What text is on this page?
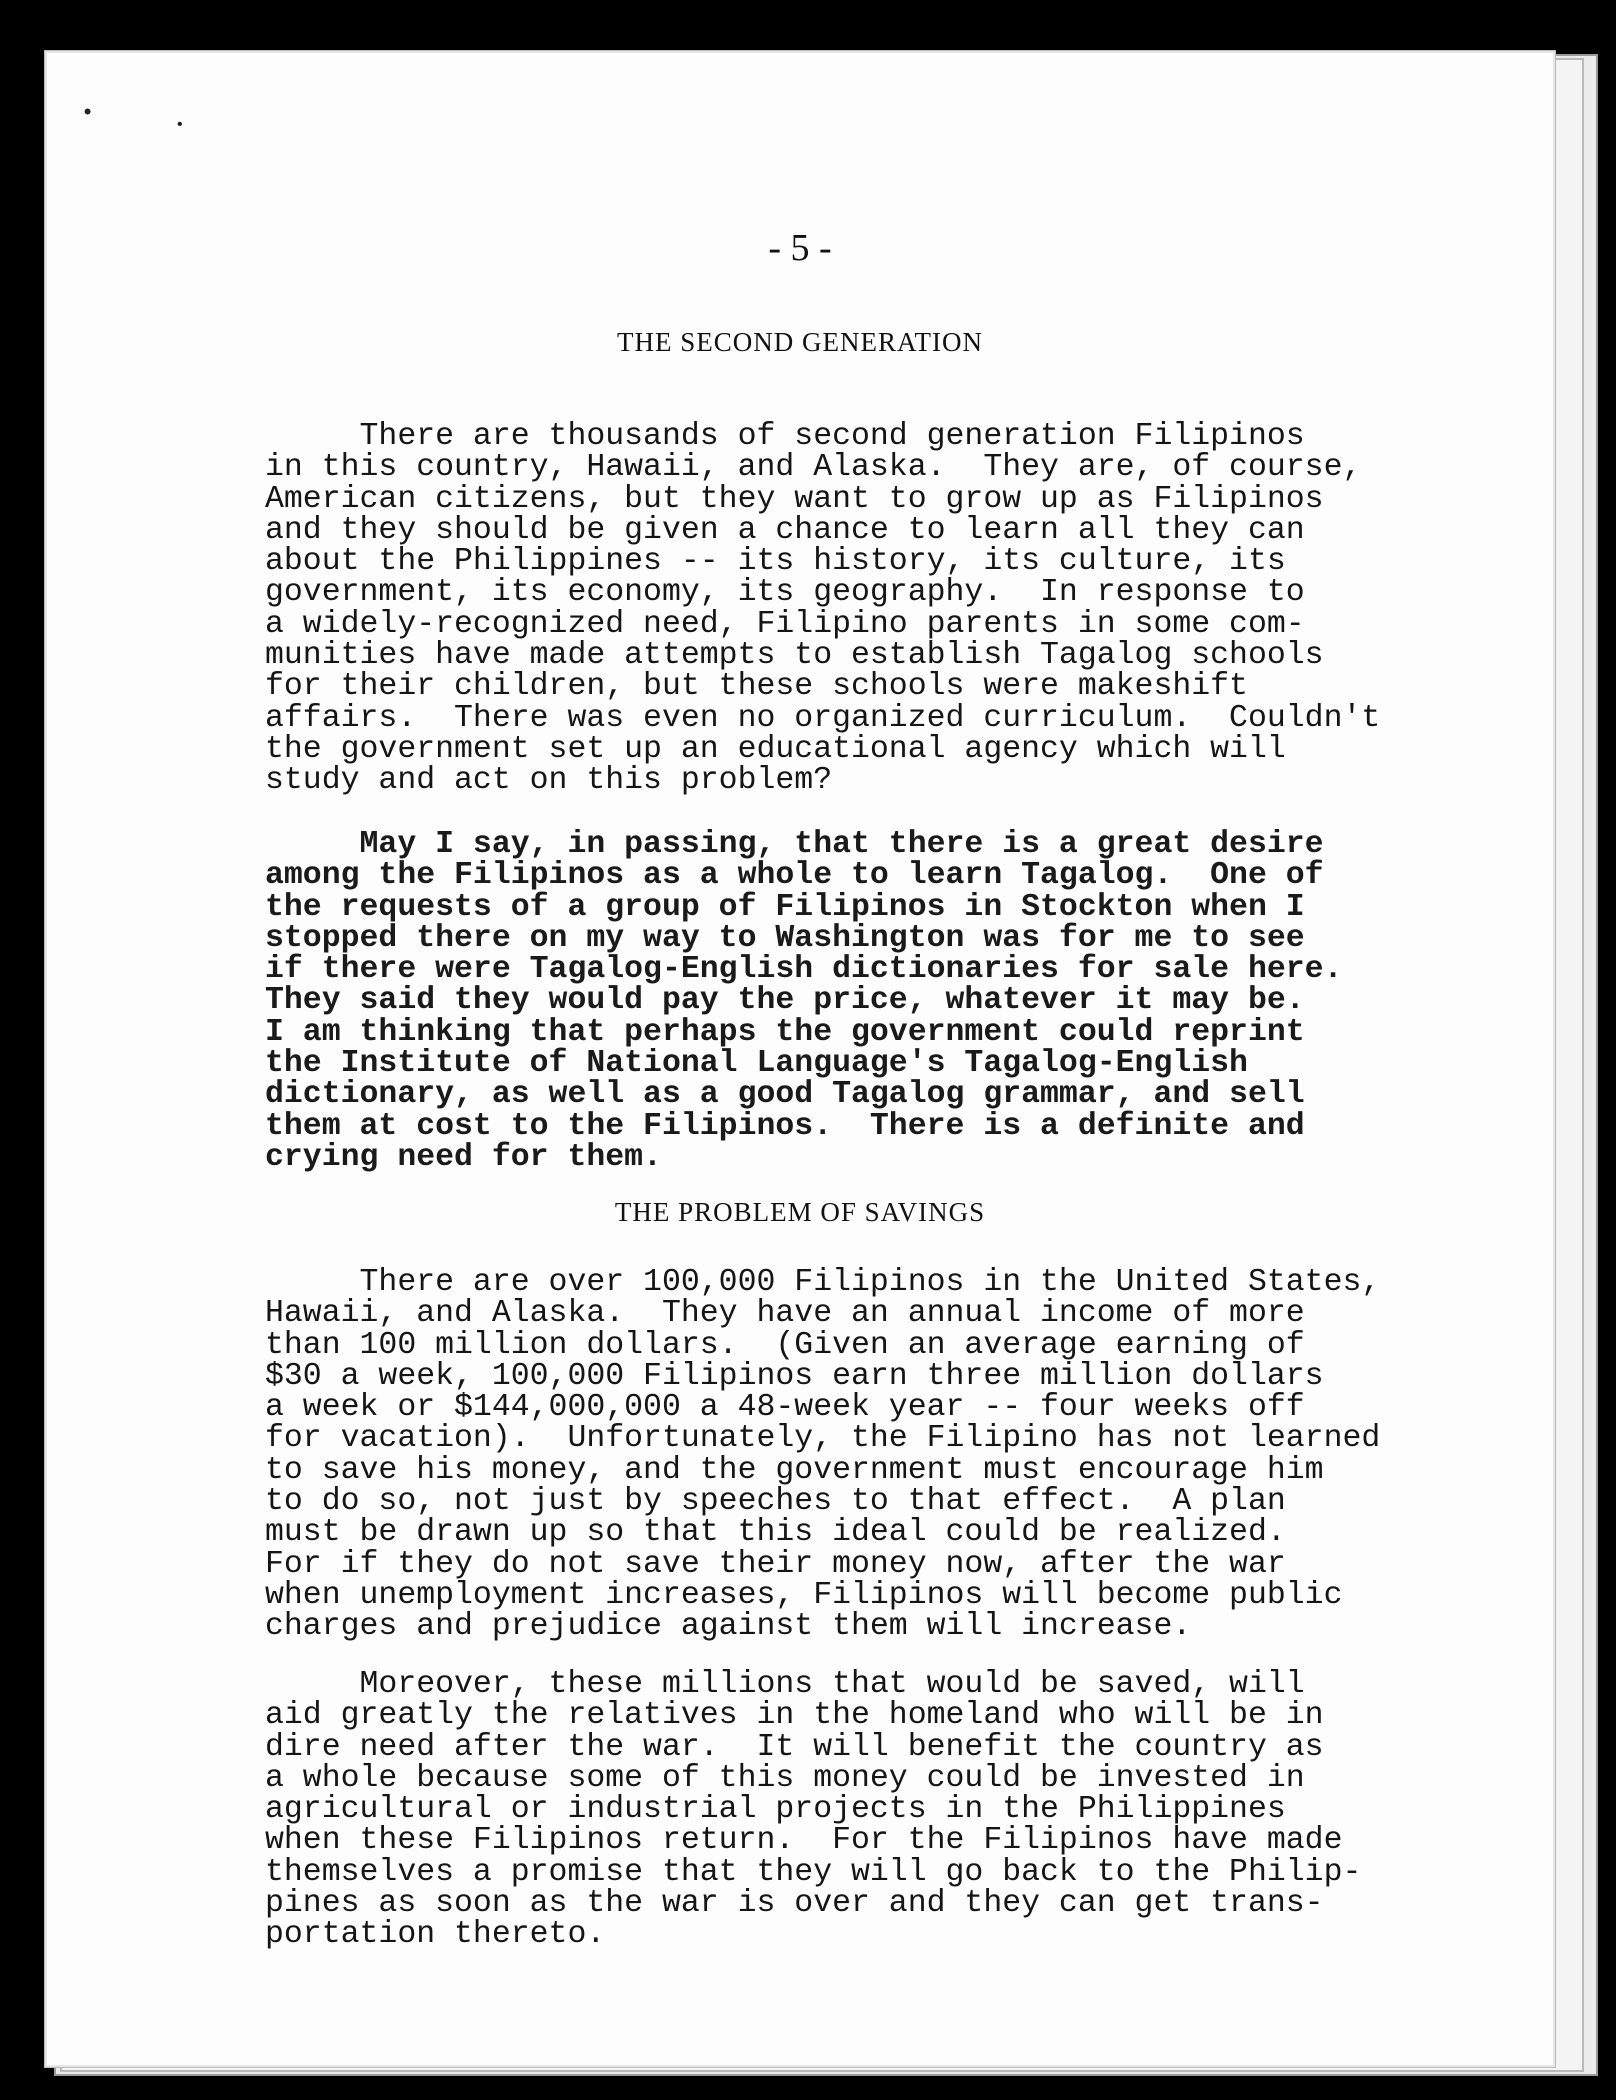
•	•

- 5 -

THE SECOND GENERATION
There are thousands of second generation Filipinos
in this country, Hawaii, and Alaska.  They are, of course,
American citizens, but they want to grow up as Filipinos
and they should be given a chance to learn all they can
about the Philippines -- its history, its culture, its
government, its economy, its geography.  In response to
a widely-recognized need, Filipino parents in some com-
munities have made attempts to establish Tagalog schools
for their children, but these schools were makeshift
affairs.  There was even no organized curriculum.  Couldn't
the government set up an educational agency which will
study and act on this problem?
May I say, in passing, that there is a great desire
among the Filipinos as a whole to learn Tagalog.  One of
the requests of a group of Filipinos in Stockton when I
stopped there on my way to Washington was for me to see
if there were Tagalog-English dictionaries for sale here.
They said they would pay the price, whatever it may be.
I am thinking that perhaps the government could reprint
the Institute of National Language's Tagalog-English
dictionary, as well as a good Tagalog grammar, and sell
them at cost to the Filipinos.  There is a definite and
crying need for them.
THE PROBLEM OF SAVINGS
There are over 100,000 Filipinos in the United States,
Hawaii, and Alaska.  They have an annual income of more
than 100 million dollars.  (Given an average earning of
$30 a week, 100,000 Filipinos earn three million dollars
a week or $144,000,000 a 48-week year -- four weeks off
for vacation).  Unfortunately, the Filipino has not learned
to save his money, and the government must encourage him
to do so, not just by speeches to that effect.  A plan
must be drawn up so that this ideal could be realized.
For if they do not save their money now, after the war
when unemployment increases, Filipinos will become public
charges and prejudice against them will increase.
Moreover, these millions that would be saved, will
aid greatly the relatives in the homeland who will be in
dire need after the war.  It will benefit the country as
a whole because some of this money could be invested in
agricultural or industrial projects in the Philippines
when these Filipinos return.  For the Filipinos have made
themselves a promise that they will go back to the Philip-
pines as soon as the war is over and they can get trans-
portation thereto.
